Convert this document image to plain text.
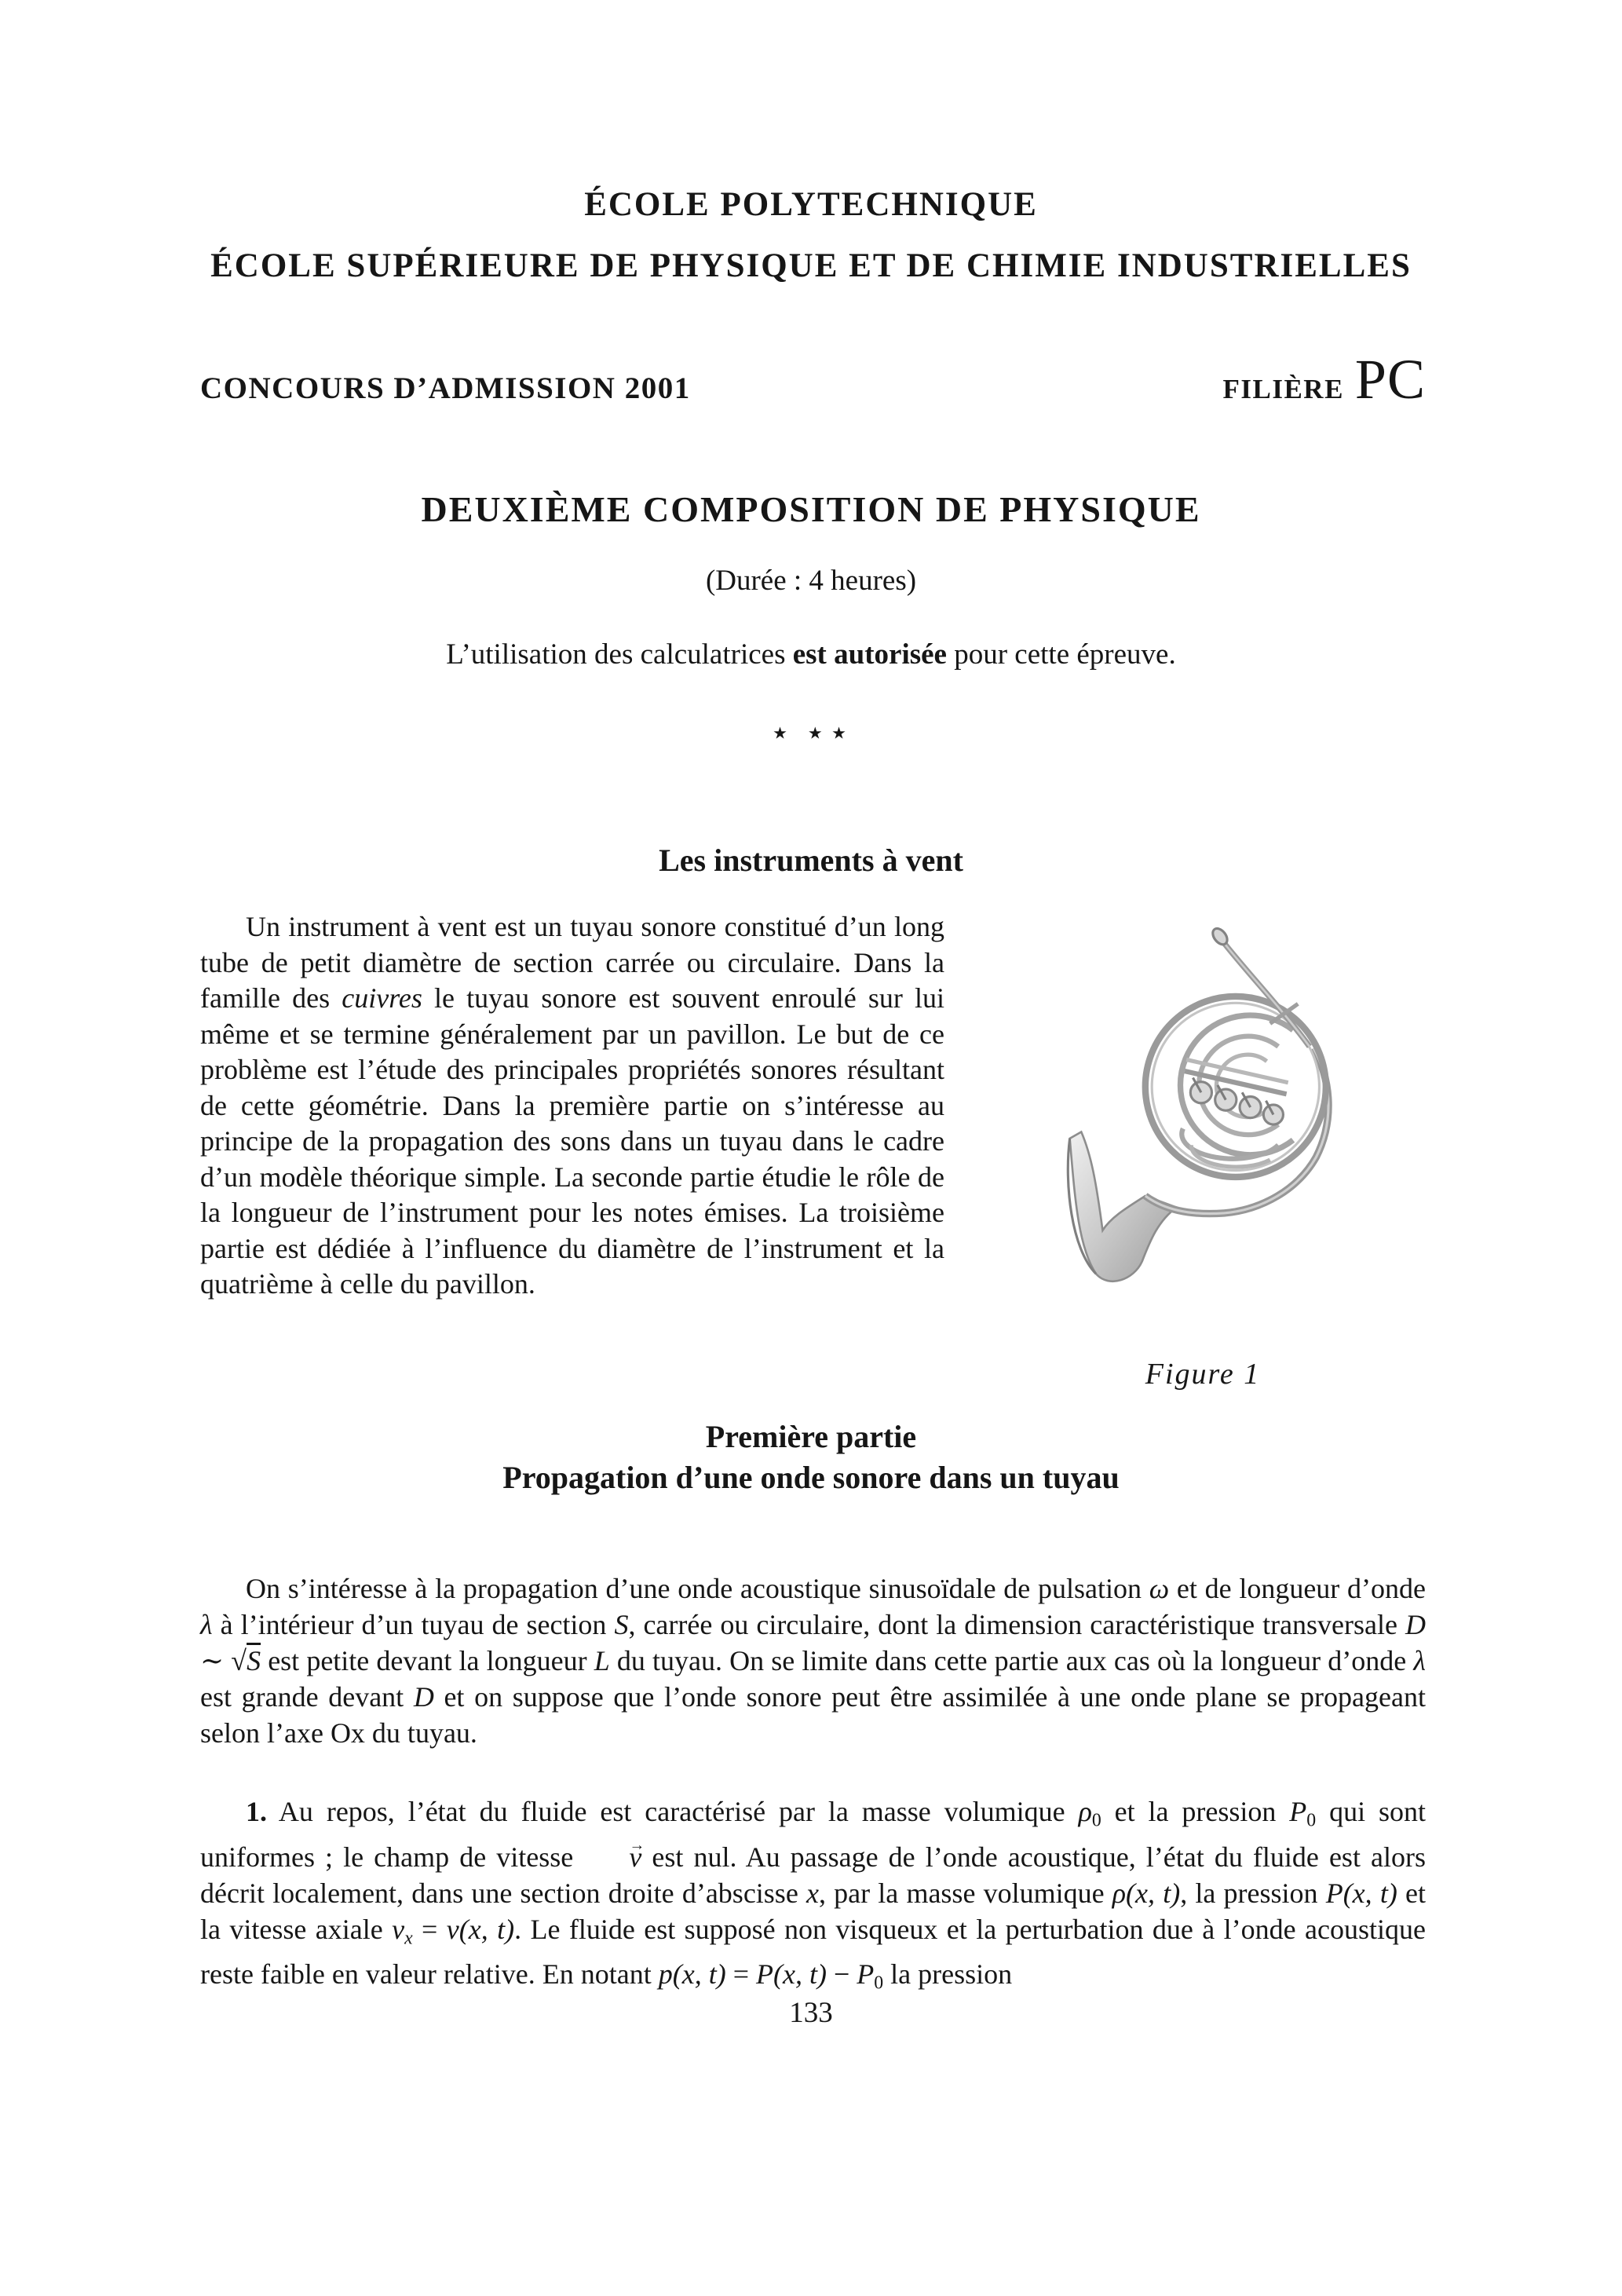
ÉCOLE POLYTECHNIQUE
ÉCOLE SUPÉRIEURE DE PHYSIQUE ET DE CHIMIE INDUSTRIELLES
CONCOURS D’ADMISSION 2001	FILIÈRE PC
DEUXIÈME COMPOSITION DE PHYSIQUE
(Durée : 4 heures)
L’utilisation des calculatrices est autorisée pour cette épreuve.
⋆ ⋆⋆
Les instruments à vent
Un instrument à vent est un tuyau sonore constitué d’un long tube de petit diamètre de section carrée ou circulaire. Dans la famille des cuivres le tuyau sonore est souvent enroulé sur lui même et se termine généralement par un pavillon. Le but de ce problème est l’étude des principales propriétés sonores résultant de cette géométrie. Dans la première partie on s’intéresse au principe de la propagation des sons dans un tuyau dans le cadre d’un modèle théorique simple. La seconde partie étudie le rôle de la longueur de l’instrument pour les notes émises. La troisième partie est dédiée à l’influence du diamètre de l’instrument et la quatrième à celle du pavillon.
Figure 1
Première partie
Propagation d’une onde sonore dans un tuyau
On s’intéresse à la propagation d’une onde acoustique sinusoïdale de pulsation ω et de longueur d’onde λ à l’intérieur d’un tuyau de section S, carrée ou circulaire, dont la dimension caractéristique transversale D ∼ √S est petite devant la longueur L du tuyau. On se limite dans cette partie aux cas où la longueur d’onde λ est grande devant D et on suppose que l’onde sonore peut être assimilée à une onde plane se propageant selon l’axe Ox du tuyau.
1. Au repos, l’état du fluide est caractérisé par la masse volumique $\rho_0$ et la pression $P_0$ qui sont uniformes ; le champ de vitesse v → est nul. Au passage de l’onde acoustique, l’état du fluide est alors décrit localement, dans une section droite d’abscisse x, par la masse volumique ρ(x, t), la pression P(x, t) et la vitesse axiale vx = v(x, t). Le fluide est supposé non visqueux et la perturbation due à l’onde acoustique reste faible en valeur relative. En notant p(x, t) = P(x, $t) - P_0$ la pression
133
